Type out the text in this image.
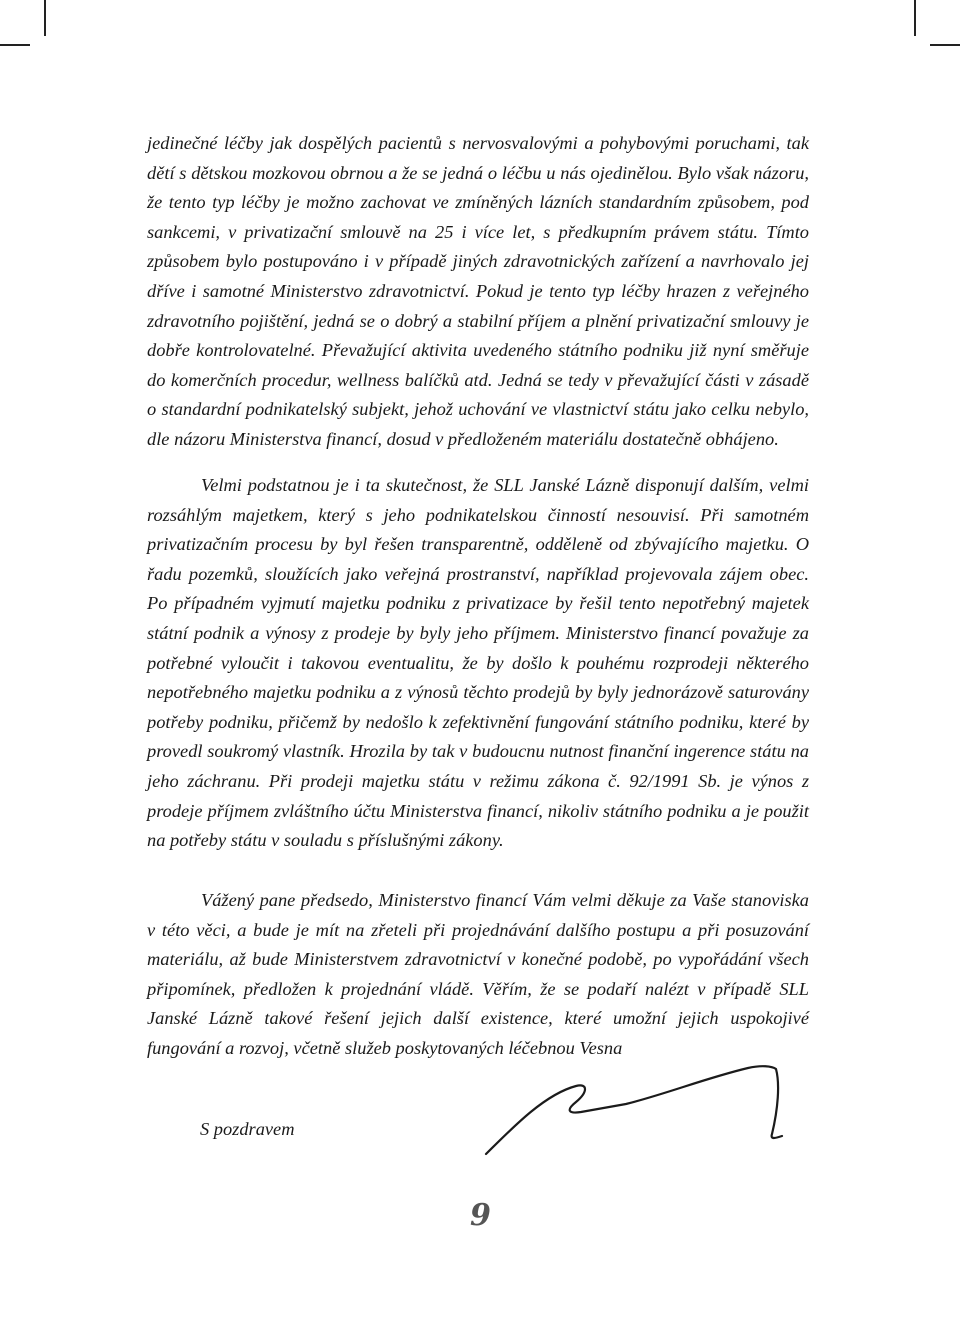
jedinečné léčby jak dospělých pacientů s nervosvalovými a pohybovými poruchami, tak dětí s dětskou mozkovou obrnou a že se jedná o léčbu u nás ojedinělou. Bylo však názoru, že tento typ léčby je možno zachovat ve zmíněných lázních standardním způsobem, pod sankcemi, v privatizační smlouvě na 25 i více let, s předkupním právem státu. Tímto způsobem bylo postupováno i v případě jiných zdravotnických zařízení a navrhovalo jej dříve i samotné Ministerstvo zdravotnictví. Pokud je tento typ léčby hrazen z veřejného zdravotního pojištění, jedná se o dobrý a stabilní příjem a plnění privatizační smlouvy je dobře kontrolovatelné. Převažující aktivita uvedeného státního podniku již nyní směřuje do komerčních procedur, wellness balíčků atd. Jedná se tedy v převažující části v zásadě o standardní podnikatelský subjekt, jehož uchování ve vlastnictví státu jako celku nebylo, dle názoru Ministerstva financí, dosud v předloženém materiálu dostatečně obhájeno.

Velmi podstatnou je i ta skutečnost, že SLL Janské Lázně disponují dalším, velmi rozsáhlým majetkem, který s jeho podnikatelskou činností nesouvisí. Při samotném privatizačním procesu by byl řešen transparentně, odděleně od zbývajícího majetku. O řadu pozemků, sloužících jako veřejná prostranství, například projevovala zájem obec. Po případném vyjmutí majetku podniku z privatizace by řešil tento nepotřebný majetek státní podnik a výnosy z prodeje by byly jeho příjmem. Ministerstvo financí považuje za potřebné vyloučit i takovou eventualitu, že by došlo k pouhému rozprodeji některého nepotřebného majetku podniku a z výnosů těchto prodejů by byly jednorázově saturovány potřeby podniku, přičemž by nedošlo k zefektivnění fungování státního podniku, které by provedl soukromý vlastník. Hrozila by tak v budoucnu nutnost finanční ingerence státu na jeho záchranu. Při prodeji majetku státu v režimu zákona č. 92/1991 Sb. je výnos z prodeje příjmem zvláštního účtu Ministerstva financí, nikoliv státního podniku a je použit na potřeby státu v souladu s příslušnými zákony.

Vážený pane předsedo, Ministerstvo financí Vám velmi děkuje za Vaše stanoviska v této věci, a bude je mít na zřeteli při projednávání dalšího postupu a při posuzování materiálu, až bude Ministerstvem zdravotnictví v konečné podobě, po vypořádání všech připomínek, předložen k projednání vládě. Věřím, že se podaří nalézt v případě SLL Janské Lázně takové řešení jejich další existence, které umožní jejich uspokojivé fungování a rozvoj, včetně služeb poskytovaných léčebnou Vesna

S pozdravem

9
